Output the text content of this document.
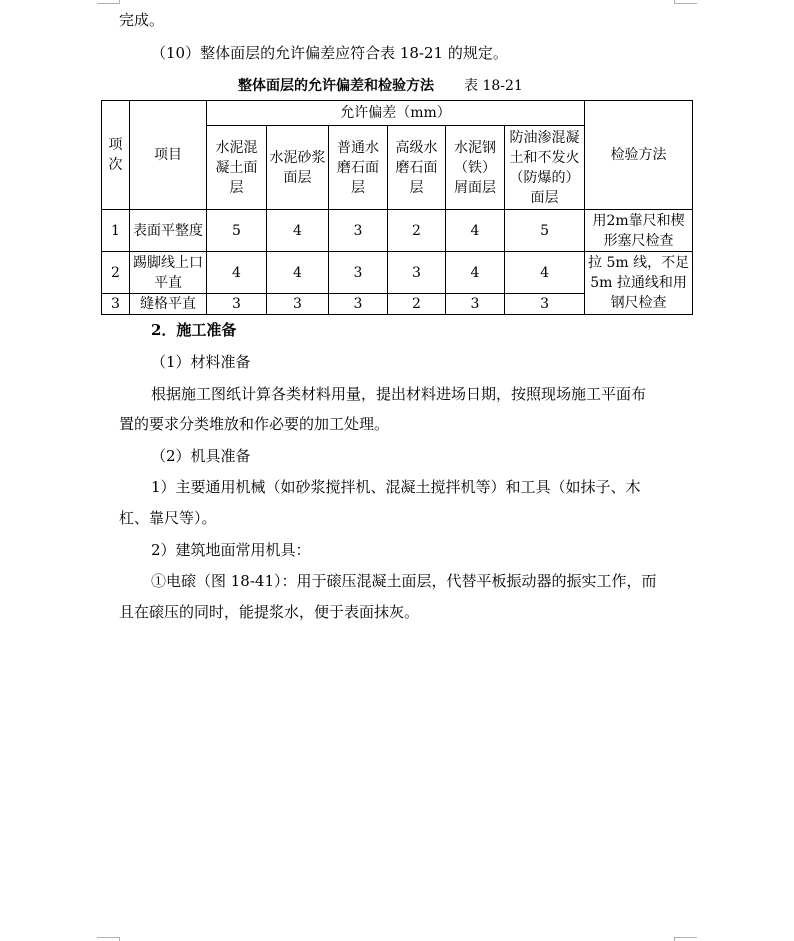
完成。
（10）整体面层的允许偏差应符合表 18-21 的规定。
整体面层的允许偏差和检验方法 表 18-21
项次	项目	允许偏差（mm）						检验方法
		水泥混凝土面层	水泥砂浆面层	普通水磨石面层	高级水磨石面层	水泥钢（铁）屑面层	防油渗混凝土和不发火（防爆的）面层	
1	表面平整度	5	4	3	2	4	5	用2m靠尺和楔形塞尺检查
2	踢脚线上口平直	4	4	3	3	4	4	拉 5m 线，不足 5m 拉通线和用钢尺检查
3	缝格平直	3	3	3	2	3	3	
2．施工准备
（1）材料准备
根据施工图纸计算各类材料用量，提出材料进场日期，按照现场施工平面布
置的要求分类堆放和作必要的加工处理。
（2）机具准备
1）主要通用机械（如砂浆搅拌机、混凝土搅拌机等）和工具（如抹子、木
杠、靠尺等）。
2）建筑地面常用机具：
①电磙（图 18-41）：用于磙压混凝土面层，代替平板振动器的振实工作，而
且在磙压的同时，能提浆水，便于表面抹灰。
